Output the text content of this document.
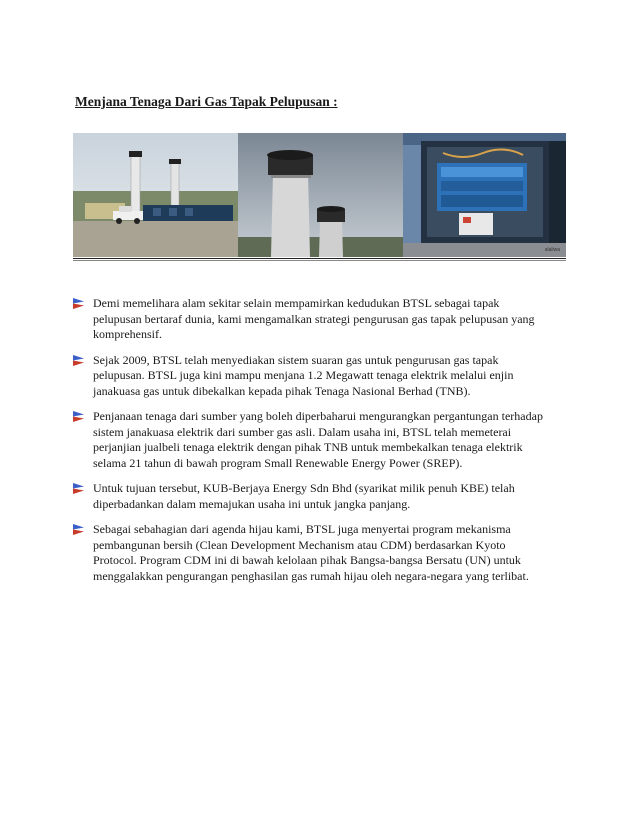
Menjana Tenaga Dari Gas Tapak Pelupusan :
alaliwa
Demi memelihara alam sekitar selain mempamirkan kedudukan BTSL sebagai tapak pelupusan bertaraf dunia, kami mengamalkan strategi pengurusan gas tapak pelupusan yang komprehensif.
Sejak 2009, BTSL telah menyediakan sistem suaran gas untuk pengurusan gas tapak pelupusan. BTSL juga kini mampu menjana 1.2 Megawatt tenaga elektrik melalui enjin janakuasa gas untuk dibekalkan kepada pihak Tenaga Nasional Berhad (TNB).
Penjanaan tenaga dari sumber yang boleh diperbaharui mengurangkan pergantungan terhadap sistem janakuasa elektrik dari sumber gas asli. Dalam usaha ini, BTSL telah memeterai perjanjian jualbeli tenaga elektrik dengan pihak TNB untuk membekalkan tenaga elektrik selama 21 tahun di bawah program Small Renewable Energy Power (SREP).
Untuk tujuan tersebut, KUB-Berjaya Energy Sdn Bhd (syarikat milik penuh KBE) telah diperbadankan dalam memajukan usaha ini untuk jangka panjang.
Sebagai sebahagian dari agenda hijau kami, BTSL juga menyertai program mekanisma pembangunan bersih (Clean Development Mechanism atau CDM) berdasarkan Kyoto Protocol. Program CDM ini di bawah kelolaan pihak Bangsa-bangsa Bersatu (UN) untuk menggalakkan pengurangan penghasilan gas rumah hijau oleh negara-negara yang terlibat.
